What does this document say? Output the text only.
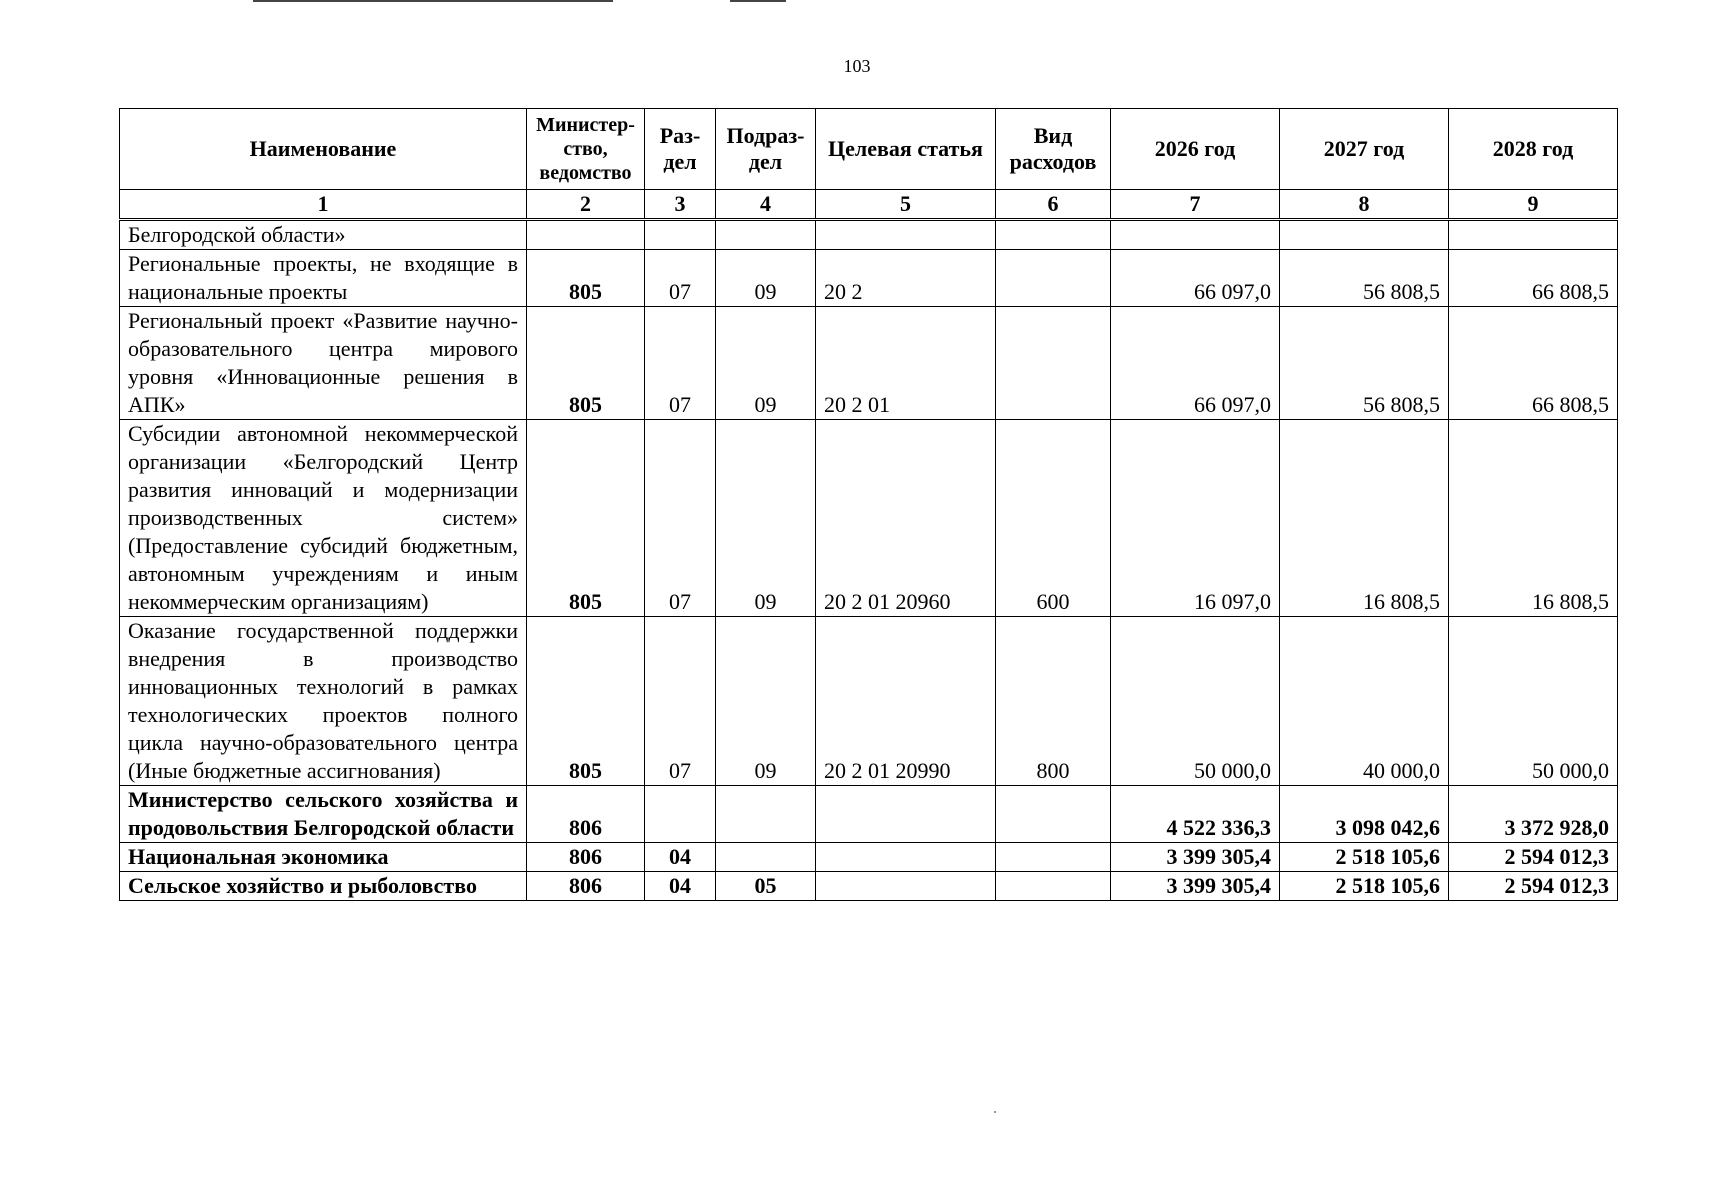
103
Наименование	Министер-ство, ведомство	Раз-дел	Подраз-дел	Целевая статья	Вид расходов	2026 год	2027 год	2028 год
1	2	3	4	5	6	7	8	9
Белгородской области»								
Региональные проекты, не входящие в национальные проекты	805	07	09	20 2		66 097,0	56 808,5	66 808,5
Региональный проект «Развитие научно-образовательного центра мирового уровня «Инновационные решения в АПК»	805	07	09	20 2 01		66 097,0	56 808,5	66 808,5
Субсидии автономной некоммерческой организации «Белгородский Центр развития инноваций и модернизации производственных систем» (Предоставление субсидий бюджетным, автономным учреждениям и иным некоммерческим организациям)	805	07	09	20 2 01 20960	600	16 097,0	16 808,5	16 808,5
Оказание государственной поддержки внедрения в производство инновационных технологий в рамках технологических проектов полного цикла научно-образовательного центра (Иные бюджетные ассигнования)	805	07	09	20 2 01 20990	800	50 000,0	40 000,0	50 000,0
Министерство сельского хозяйства и продовольствия Белгородской области	806					4 522 336,3	3 098 042,6	3 372 928,0
Национальная экономика	806	04				3 399 305,4	2 518 105,6	2 594 012,3
Сельское хозяйство и рыболовство	806	04	05			3 399 305,4	2 518 105,6	2 594 012,3
